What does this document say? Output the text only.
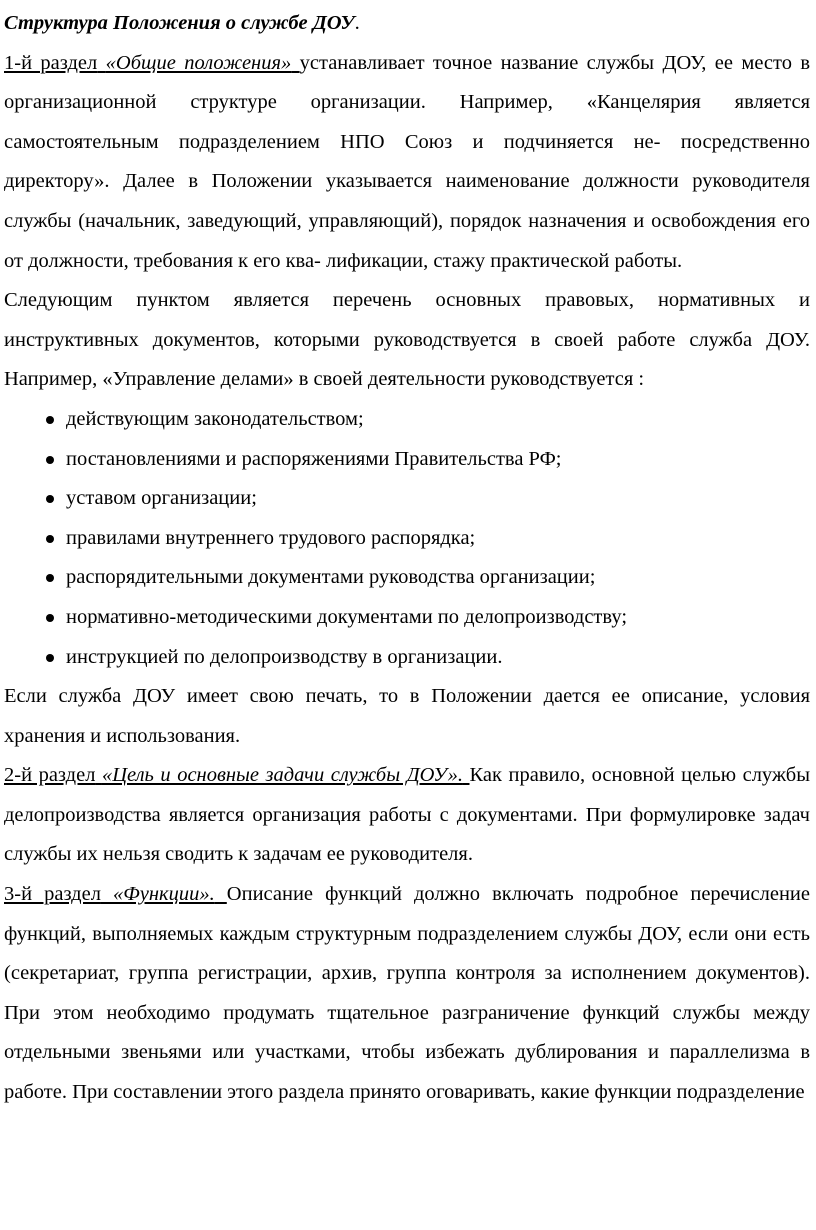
Структура Положения о службе ДОУ.

1-й раздел «Общие положения» устанавливает точное название службы ДОУ, ее место в организационной структуре организации. Например, «Канцелярия является самостоятельным подразделением НПО Союз и подчиняется не- посредственно директору». Далее в Положении указывается наименование должности руководителя службы (начальник, заведующий, управляющий), порядок назначения и освобождения его от должности, требования к его ква- лификации, стажу практической работы.

Следующим пунктом является перечень основных правовых, нормативных и инструктивных документов, которыми руководствуется в своей работе служба ДОУ. Например, «Управление делами» в своей деятельности руководствуется :

действующим законодательством;
постановлениями и распоряжениями Правительства РФ;
уставом организации;
правилами внутреннего трудового распорядка;
распорядительными документами руководства организации;
нормативно-методическими документами по делопроизводству;
инструкцией по делопроизводству в организации.

Если служба ДОУ имеет свою печать, то в Положении дается ее описание, условия хранения и использования.

2-й раздел «Цель и основные задачи службы ДОУ». Как правило, основной целью службы делопроизводства является организация работы с документами. При формулировке задач службы их нельзя сводить к задачам ее руководителя.

3-й раздел «Функции». Описание функций должно включать подробное перечисление функций, выполняемых каждым структурным подразделением службы ДОУ, если они есть (секретариат, группа регистрации, архив, группа контроля за исполнением документов). При этом необходимо продумать тщательное разграничение функций службы между отдельными звеньями или участками, чтобы избежать дублирования и параллелизма в работе. При составлении этого раздела принято оговаривать, какие функции подразделение
